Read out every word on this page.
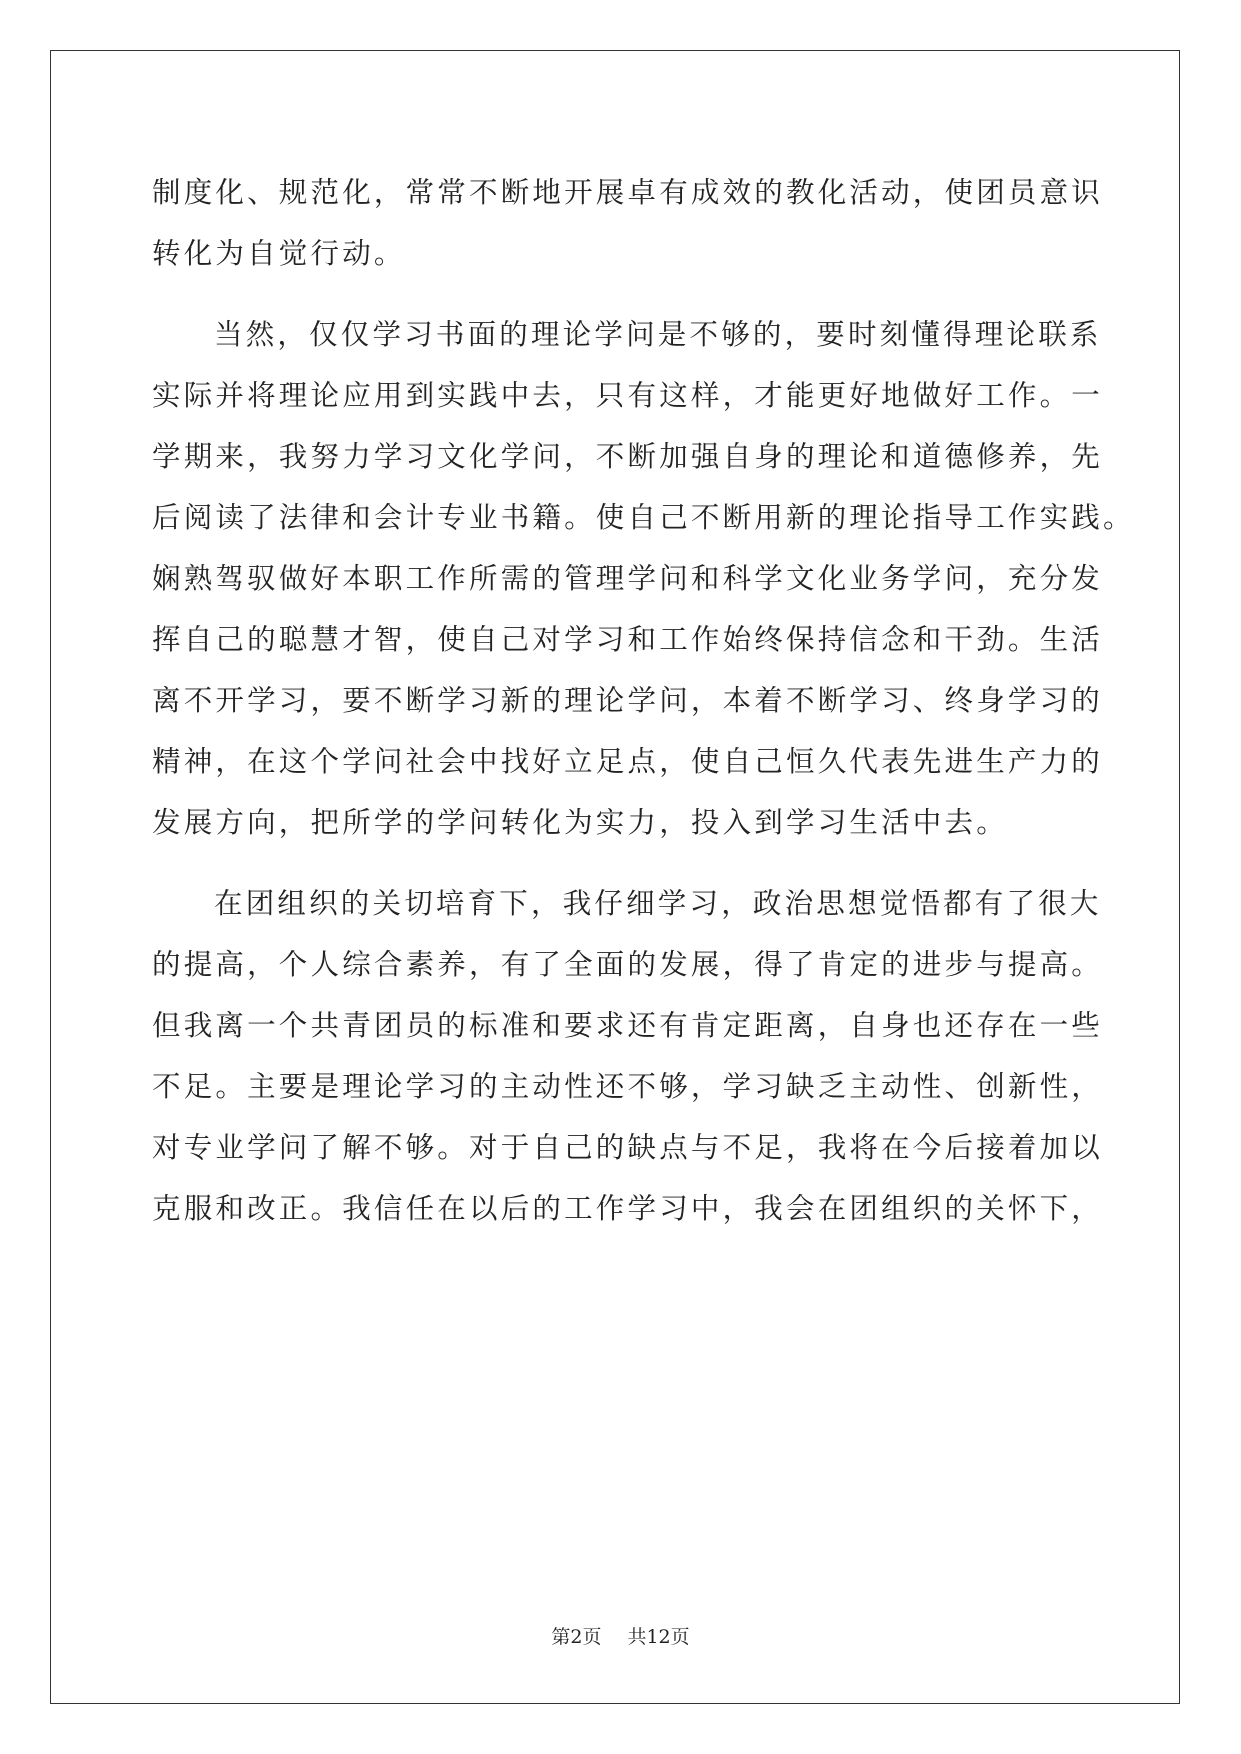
制度化、规范化，常常不断地开展卓有成效的教化活动，使团员意识
转化为自觉行动。
当然，仅仅学习书面的理论学问是不够的，要时刻懂得理论联系
实际并将理论应用到实践中去，只有这样，才能更好地做好工作。一
学期来，我努力学习文化学问，不断加强自身的理论和道德修养，先
后阅读了法律和会计专业书籍。使自己不断用新的理论指导工作实践。
娴熟驾驭做好本职工作所需的管理学问和科学文化业务学问，充分发
挥自己的聪慧才智，使自己对学习和工作始终保持信念和干劲。生活
离不开学习，要不断学习新的理论学问，本着不断学习、终身学习的
精神，在这个学问社会中找好立足点，使自己恒久代表先进生产力的
发展方向，把所学的学问转化为实力，投入到学习生活中去。
在团组织的关切培育下，我仔细学习，政治思想觉悟都有了很大
的提高，个人综合素养，有了全面的发展，得了肯定的进步与提高。
但我离一个共青团员的标准和要求还有肯定距离，自身也还存在一些
不足。主要是理论学习的主动性还不够，学习缺乏主动性、创新性，
对专业学问了解不够。对于自己的缺点与不足，我将在今后接着加以
克服和改正。我信任在以后的工作学习中，我会在团组织的关怀下，
第2页 共12页
